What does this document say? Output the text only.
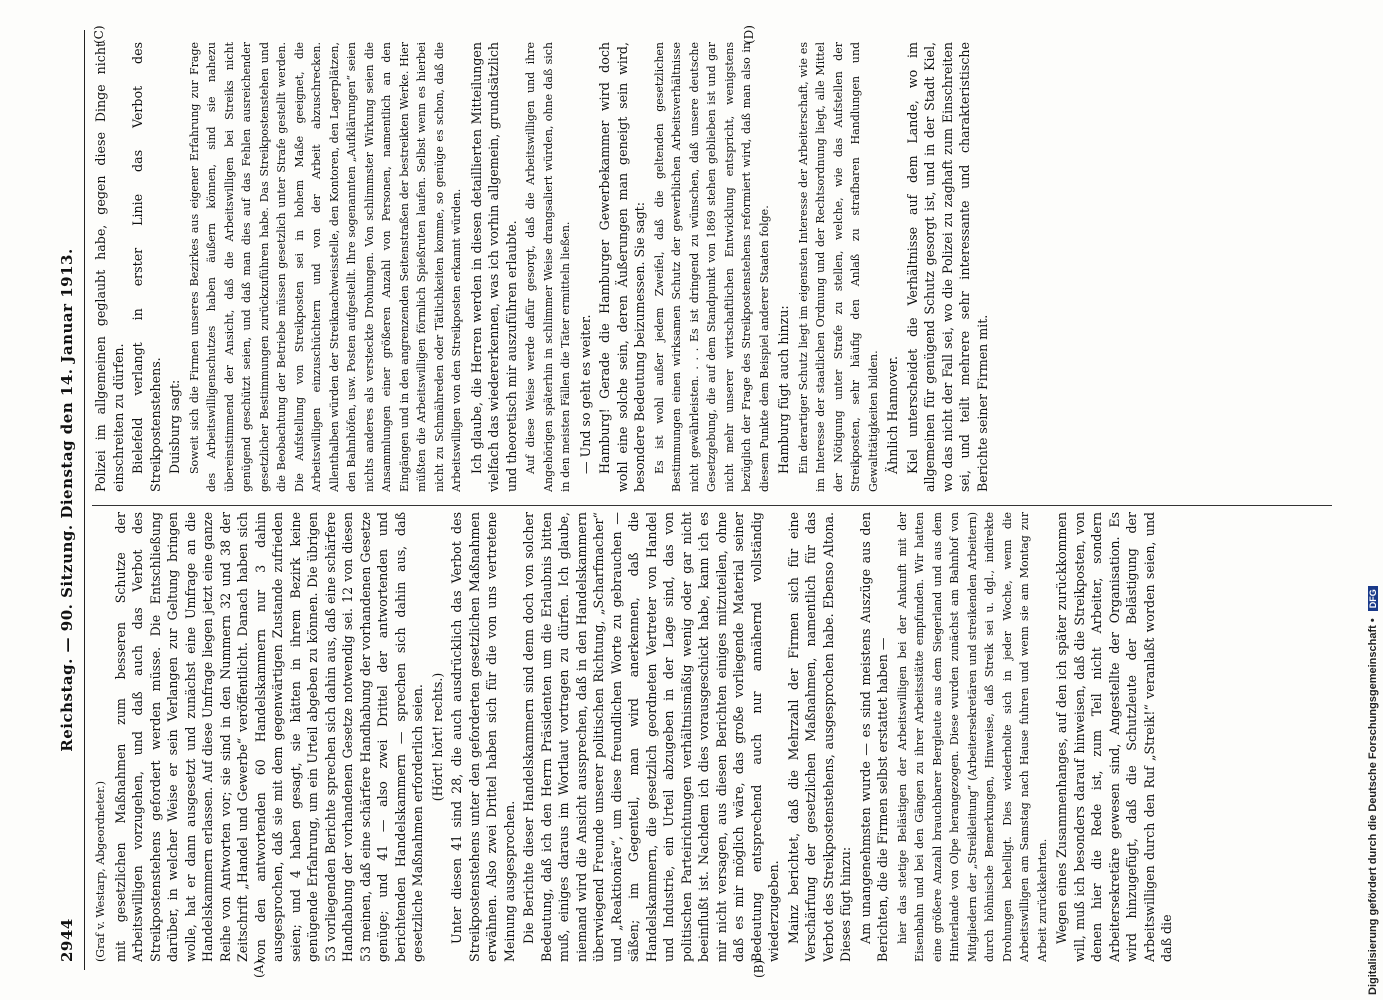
2944
Reichstag. — 90. Sitzung. Dienstag den 14. Januar 1913.
(A)	(B)
(C)	(D)

(Graf v. Westarp, Abgeordneter.) mit gesetzlichen Maßnahmen zum besseren Schutze der Arbeitswilligen vorzugehen, und daß auch das Verbot des Streikpostenstehens gefordert werden müsse. Die Entschließung darüber, in welcher Weise er sein Verlangen zur Geltung bringen wolle, hat er dann ausgesetzt und zunächst eine Umfrage an die Handelskammern erlassen. Auf diese Umfrage liegen jetzt eine ganze Reihe von Antworten vor; sie sind in den Nummern 32 und 38 der Zeitschrift „Handel und Gewerbe“ veröffentlicht. Danach haben sich von den antwortenden 60 Handelskammern nur 3 dahin ausgesprochen, daß sie mit dem gegenwärtigen Zustande zufrieden seien; und 4 haben gesagt, sie hätten in ihrem Bezirk keine genügende Erfahrung, um ein Urteil abgeben zu können. Die übrigen 53 vorliegenden Berichte sprechen sich dahin aus, daß eine schärfere Handhabung der vorhandenen Gesetze notwendig sei. 12 von diesen 53 meinen, daß eine schärfere Handhabung der vorhandenen Gesetze genüge; und 41 — also zwei Drittel der antwortenden und berichtenden Handelskammern — sprechen sich dahin aus, daß gesetzliche Maßnahmen erforderlich seien. (Hört! hört! rechts.) Unter diesen 41 sind 28, die auch ausdrücklich das Verbot des Streikpostenstehens unter den geforderten gesetzlichen Maßnahmen erwähnen. Also zwei Drittel haben sich für die von uns vertretene Meinung ausgesprochen. Die Berichte dieser Handelskammern sind denn doch von solcher Bedeutung, daß ich den Herrn Präsidenten um die Erlaubnis bitten muß, einiges daraus im Wortlaut vortragen zu dürfen. Ich glaube, niemand wird die Ansicht aussprechen, daß in den Handelskammern überwiegend Freunde unserer politischen Richtung, „Scharfmacher“ und „Reaktionäre“, um diese freundlichen Worte zu gebrauchen — säßen; im Gegenteil, man wird anerkennen, daß die Handelskammern, die gesetzlich geordneten Vertreter von Handel und Industrie, ein Urteil abzugeben in der Lage sind, das von politischen Parteirichtungen verhältnismäßig wenig oder gar nicht beeinflußt ist. Nachdem ich dies vorausgeschickt habe, kann ich es mir nicht versagen, aus diesen Berichten einiges mitzuteilen, ohne daß es mir möglich wäre, das große vorliegende Material seiner Bedeutung entsprechend auch nur annähernd vollständig wiederzugeben. Mainz berichtet, daß die Mehrzahl der Firmen sich für eine Verschärfung der gesetzlichen Maßnahmen, namentlich für das Verbot des Streikpostenstehens, ausgesprochen habe. Ebenso Altona. Dieses fügt hinzu: Am unangenehmsten wurde — es sind meistens Auszüge aus den Berichten, die die Firmen selbst erstattet haben — hier das stetige Belästigen der Arbeitswilligen bei der Ankunft mit der Eisenbahn und bei den Gängen zu ihrer Arbeitsstätte empfunden. Wir hatten eine größere Anzahl brauchbarer Bergleute aus dem Siegerland und aus dem Hinterlande von Olpe herangezogen. Diese wurden zunächst am Bahnhof von Mitgliedern der „Streikleitung“ (Arbeitersekretären und streikenden Arbeitern) durch höhnische Bemerkungen, Hinweise, daß Streik sei u. dgl., indirekte Drohungen behelligt. Dies wiederholte sich in jeder Woche, wenn die Arbeitswilligen am Samstag nach Hause fuhren und wenn sie am Montag zur Arbeit zurückkehrten. Wegen eines Zusammenhanges, auf den ich später zurückkommen will, muß ich besonders darauf hinweisen, daß die Streikposten, von denen hier die Rede ist, zum Teil nicht Arbeiter, sondern Arbeitersekretäre gewesen sind, Angestellte der Organisation. Es wird hinzugefügt, daß die Schutzleute der Belästigung der Arbeitswilligen durch den Ruf „Streik!“ veranlaßt worden seien, und daß die

Polizei im allgemeinen geglaubt habe, gegen diese Dinge nicht einschreiten zu dürfen. Bielefeld verlangt in erster Linie das Verbot des Streikpostenstehens. Duisburg sagt: Soweit sich die Firmen unseres Bezirkes aus eigener Erfahrung zur Frage des Arbeitswilligenschutzes haben äußern können, sind sie nahezu übereinstimmend der Ansicht, daß die Arbeitswilligen bei Streiks nicht genügend geschützt seien, und daß man dies auf das Fehlen ausreichender gesetzlicher Bestimmungen zurückzuführen habe. Das Streikpostenstehen und die Beobachtung der Betriebe müssen gesetzlich unter Strafe gestellt werden. Die Aufstellung von Streikposten sei in hohem Maße geeignet, die Arbeitswilligen einzuschüchtern und von der Arbeit abzuschrecken. Allenthalben würden der Streiknachweisstelle, den Kontoren, den Lagerplätzen, den Bahnhöfen, usw. Posten aufgestellt. Ihre sogenannten „Aufklärungen“ seien nichts anderes als versteckte Drohungen. Von schlimmster Wirkung seien die Ansammlungen einer größeren Anzahl von Personen, namentlich an den Eingängen und in den angrenzenden Seitenstraßen der bestreikten Werke. Hier müßten die Arbeitswilligen förmlich Spießruten laufen. Selbst wenn es hierbei nicht zu Schmähreden oder Tätlichkeiten komme, so genüge es schon, daß die Arbeitswilligen von den Streikposten erkannt würden. Ich glaube, die Herren werden in diesen detaillierten Mitteilungen vielfach das wiedererkennen, was ich vorhin allgemein, grundsätzlich und theoretisch mir auszuführen erlaubte. Auf diese Weise werde dafür gesorgt, daß die Arbeitswilligen und ihre Angehörigen späterhin in schlimmer Weise drangsaliert würden, ohne daß sich in den meisten Fällen die Täter ermitteln ließen. — Und so geht es weiter. Hamburg! Gerade die Hamburger Gewerbekammer wird doch wohl eine solche sein, deren Äußerungen man geneigt sein wird, besondere Bedeutung beizumessen. Sie sagt: Es ist wohl außer jedem Zweifel, daß die geltenden gesetzlichen Bestimmungen einen wirksamen Schutz der gewerblichen Arbeitsverhältnisse nicht gewährleisten. . . . Es ist dringend zu wünschen, daß unsere deutsche Gesetzgebung, die auf dem Standpunkt von 1869 stehen geblieben ist und gar nicht mehr unserer wirtschaftlichen Entwicklung entspricht, wenigstens bezüglich der Frage des Streikpostenstehens reformiert wird, daß man also in diesem Punkte dem Beispiel anderer Staaten folge. Hamburg fügt auch hinzu: Ein derartiger Schutz liegt im eigensten Interesse der Arbeiterschaft, wie es im Interesse der staatlichen Ordnung und der Rechtsordnung liegt, alle Mittel der Nötigung unter Strafe zu stellen, welche, wie das Aufstellen der Streikposten, sehr häufig den Anlaß zu strafbaren Handlungen und Gewalttätigkeiten bilden. Ähnlich Hannover. Kiel unterscheidet die Verhältnisse auf dem Lande, wo im allgemeinen für genügend Schutz gesorgt ist, und in der Stadt Kiel, wo das nicht der Fall sei, wo die Polizei zu zaghaft zum Einschreiten sei, und teilt mehrere sehr interessante und charakteristische Berichte seiner Firmen mit.

Digitalisierung gefördert durch die Deutsche Forschungsgemeinschaft • DFG
